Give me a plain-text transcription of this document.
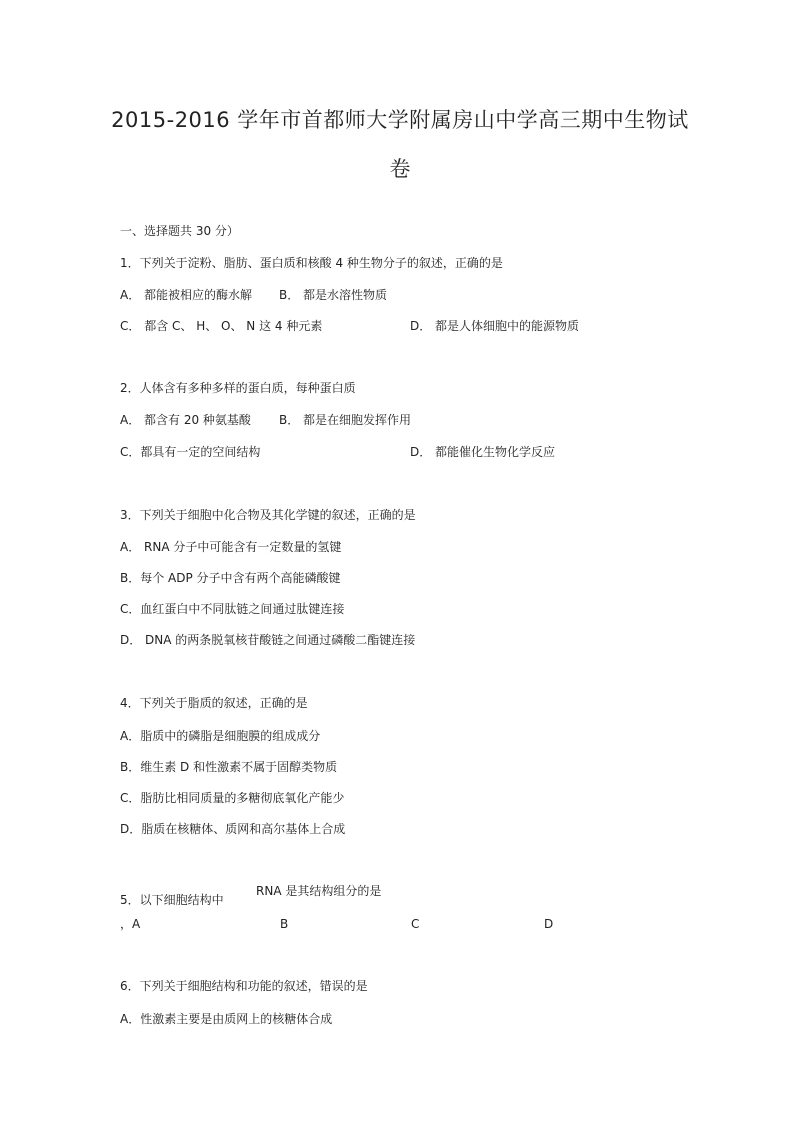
2015-2016 学年市首都师大学附属房山中学高三期中生物试
卷
一、选择题共 30 分）
1．下列关于淀粉、脂肪、蛋白质和核酸 4 种生物分子的叙述，正确的是
A． 都能被相应的酶水解 B． 都是水溶性物质
C． 都含 C、 H、 O、 N 这 4 种元素	D． 都是人体细胞中的能源物质
2．人体含有多种多样的蛋白质，每种蛋白质
A． 都含有 20 种氨基酸 B． 都是在细胞发挥作用
C．都具有一定的空间结构	D． 都能催化生物化学反应
3．下列关于细胞中化合物及其化学键的叙述，正确的是
A． RNA 分子中可能含有一定数量的氢键
B．每个 ADP 分子中含有两个高能磷酸键
C．血红蛋白中不同肽链之间通过肽键连接
D． DNA 的两条脱氧核苷酸链之间通过磷酸二酯键连接
4．下列关于脂质的叙述，正确的是
A．脂质中的磷脂是细胞膜的组成成分
B．维生素 D 和性激素不属于固醇类物质
C．脂肪比相同质量的多糖彻底氧化产能少
D．脂质在核糖体、质网和高尔基体上合成
5．以下细胞结构中
RNA 是其结构组分的是
，A	B	C	D
6．下列关于细胞结构和功能的叙述，错误的是
A．性激素主要是由质网上的核糖体合成
